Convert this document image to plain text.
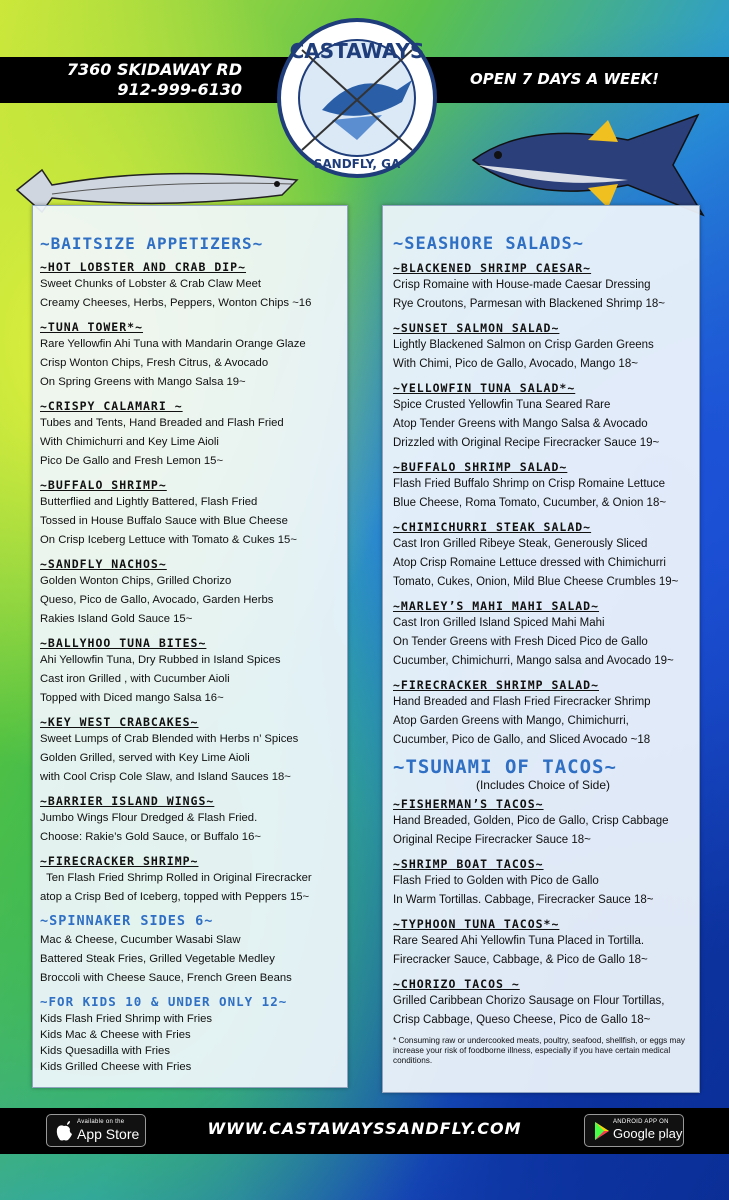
7360 SKIDAWAY RD
912-999-6130
OPEN 7 DAYS A WEEK!
CASTAWAYS
SANDFLY, GA
~BAITSIZE APPETIZERS~
~HOT LOBSTER AND CRAB DIP~
Sweet Chunks of Lobster & Crab Claw Meet
Creamy Cheeses, Herbs, Peppers, Wonton Chips ~16
~TUNA TOWER*~
Rare Yellowfin Ahi Tuna with Mandarin Orange Glaze
Crisp Wonton Chips, Fresh Citrus, & Avocado
On Spring Greens with Mango Salsa 19~
~CRISPY CALAMARI ~
Tubes and Tents, Hand Breaded and Flash Fried
With Chimichurri and Key Lime Aioli
Pico De Gallo and Fresh Lemon 15~
~BUFFALO SHRIMP~
Butterflied and Lightly Battered, Flash Fried
Tossed in House Buffalo Sauce with Blue Cheese
On Crisp Iceberg Lettuce with Tomato & Cukes 15~
~SANDFLY NACHOS~
Golden Wonton Chips, Grilled Chorizo
Queso, Pico de Gallo, Avocado, Garden Herbs
Rakies Island Gold Sauce 15~
~BALLYHOO TUNA BITES~
Ahi Yellowfin Tuna, Dry Rubbed in Island Spices
Cast iron Grilled , with Cucumber Aioli
Topped with Diced mango Salsa 16~
~KEY WEST CRABCAKES~
Sweet Lumps of Crab Blended with Herbs n’ Spices
Golden Grilled, served with Key Lime Aioli
with Cool Crisp Cole Slaw, and Island Sauces 18~
~BARRIER ISLAND WINGS~
Jumbo Wings Flour Dredged & Flash Fried.
Choose: Rakie’s Gold Sauce, or Buffalo 16~
~FIRECRACKER SHRIMP~
Ten Flash Fried Shrimp Rolled in Original Firecracker
atop a Crisp Bed of Iceberg, topped with Peppers 15~
~SPINNAKER SIDES 6~
Mac & Cheese, Cucumber Wasabi Slaw
Battered Steak Fries, Grilled Vegetable Medley
Broccoli with Cheese Sauce, French Green Beans
~FOR KIDS 10 & UNDER ONLY 12~
Kids Flash Fried Shrimp with Fries
Kids Mac & Cheese with Fries
Kids Quesadilla with Fries
Kids Grilled Cheese with Fries
~SEASHORE SALADS~
~BLACKENED SHRIMP CAESAR~
Crisp Romaine with House-made Caesar Dressing
Rye Croutons, Parmesan with Blackened Shrimp 18~
~SUNSET SALMON SALAD~
Lightly Blackened Salmon on Crisp Garden Greens
With Chimi, Pico de Gallo, Avocado, Mango 18~
~YELLOWFIN TUNA SALAD*~
Spice Crusted Yellowfin Tuna Seared Rare
Atop Tender Greens with Mango Salsa & Avocado
Drizzled with Original Recipe Firecracker Sauce 19~
~BUFFALO SHRIMP SALAD~
Flash Fried Buffalo Shrimp on Crisp Romaine Lettuce
Blue Cheese, Roma Tomato, Cucumber, & Onion 18~
~CHIMICHURRI STEAK SALAD~
Cast Iron Grilled Ribeye Steak, Generously Sliced
Atop Crisp Romaine Lettuce dressed with Chimichurri
Tomato, Cukes, Onion, Mild Blue Cheese Crumbles 19~
~MARLEY’S MAHI MAHI SALAD~
Cast Iron Grilled Island Spiced Mahi Mahi
On Tender Greens with Fresh Diced Pico de Gallo
Cucumber, Chimichurri, Mango salsa and Avocado 19~
~FIRECRACKER SHRIMP SALAD~
Hand Breaded and Flash Fried Firecracker Shrimp
Atop Garden Greens with Mango, Chimichurri,
Cucumber, Pico de Gallo, and Sliced Avocado ~18
~TSUNAMI OF TACOS~
(Includes Choice of Side)
~FISHERMAN’S TACOS~
Hand Breaded, Golden, Pico de Gallo, Crisp Cabbage
Original Recipe Firecracker Sauce 18~
~SHRIMP BOAT TACOS~
Flash Fried to Golden with Pico de Gallo
In Warm Tortillas. Cabbage, Firecracker Sauce 18~
~TYPHOON TUNA TACOS*~
Rare Seared Ahi Yellowfin Tuna Placed in Tortilla.
Firecracker Sauce, Cabbage, & Pico de Gallo 18~
~CHORIZO TACOS ~
Grilled Caribbean Chorizo Sausage on Flour Tortillas,
Crisp Cabbage, Queso Cheese, Pico de Gallo 18~
* Consuming raw or undercooked meats, poultry, seafood, shellfish, or eggs may increase your risk of foodborne illness, especially if you have certain medical conditions.
Available on the
App Store	WWW.CASTAWAYSSANDFLY.COM	ANDROID APP ON
Google play
